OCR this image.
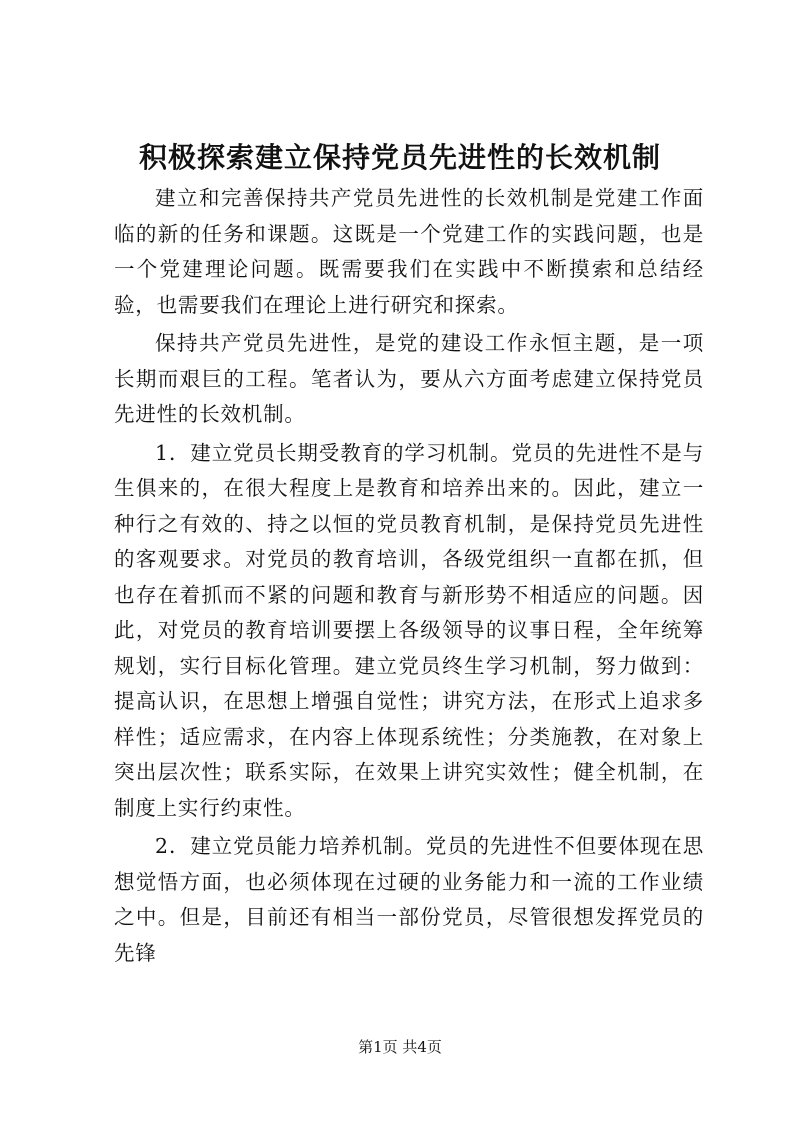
积极探索建立保持党员先进性的长效机制

建立和完善保持共产党员先进性的长效机制是党建工作面临的新的任务和课题。这既是一个党建工作的实践问题，也是一个党建理论问题。既需要我们在实践中不断摸索和总结经验，也需要我们在理论上进行研究和探索。

保持共产党员先进性，是党的建设工作永恒主题，是一项长期而艰巨的工程。笔者认为，要从六方面考虑建立保持党员先进性的长效机制。

1．建立党员长期受教育的学习机制。党员的先进性不是与生俱来的，在很大程度上是教育和培养出来的。因此，建立一种行之有效的、持之以恒的党员教育机制，是保持党员先进性的客观要求。对党员的教育培训，各级党组织一直都在抓，但也存在着抓而不紧的问题和教育与新形势不相适应的问题。因此，对党员的教育培训要摆上各级领导的议事日程，全年统筹规划，实行目标化管理。建立党员终生学习机制，努力做到：提高认识，在思想上增强自觉性；讲究方法，在形式上追求多样性；适应需求，在内容上体现系统性；分类施教，在对象上突出层次性；联系实际，在效果上讲究实效性；健全机制，在制度上实行约束性。

2．建立党员能力培养机制。党员的先进性不但要体现在思想觉悟方面，也必须体现在过硬的业务能力和一流的工作业绩之中。但是，目前还有相当一部份党员，尽管很想发挥党员的先锋

第1页 共4页
